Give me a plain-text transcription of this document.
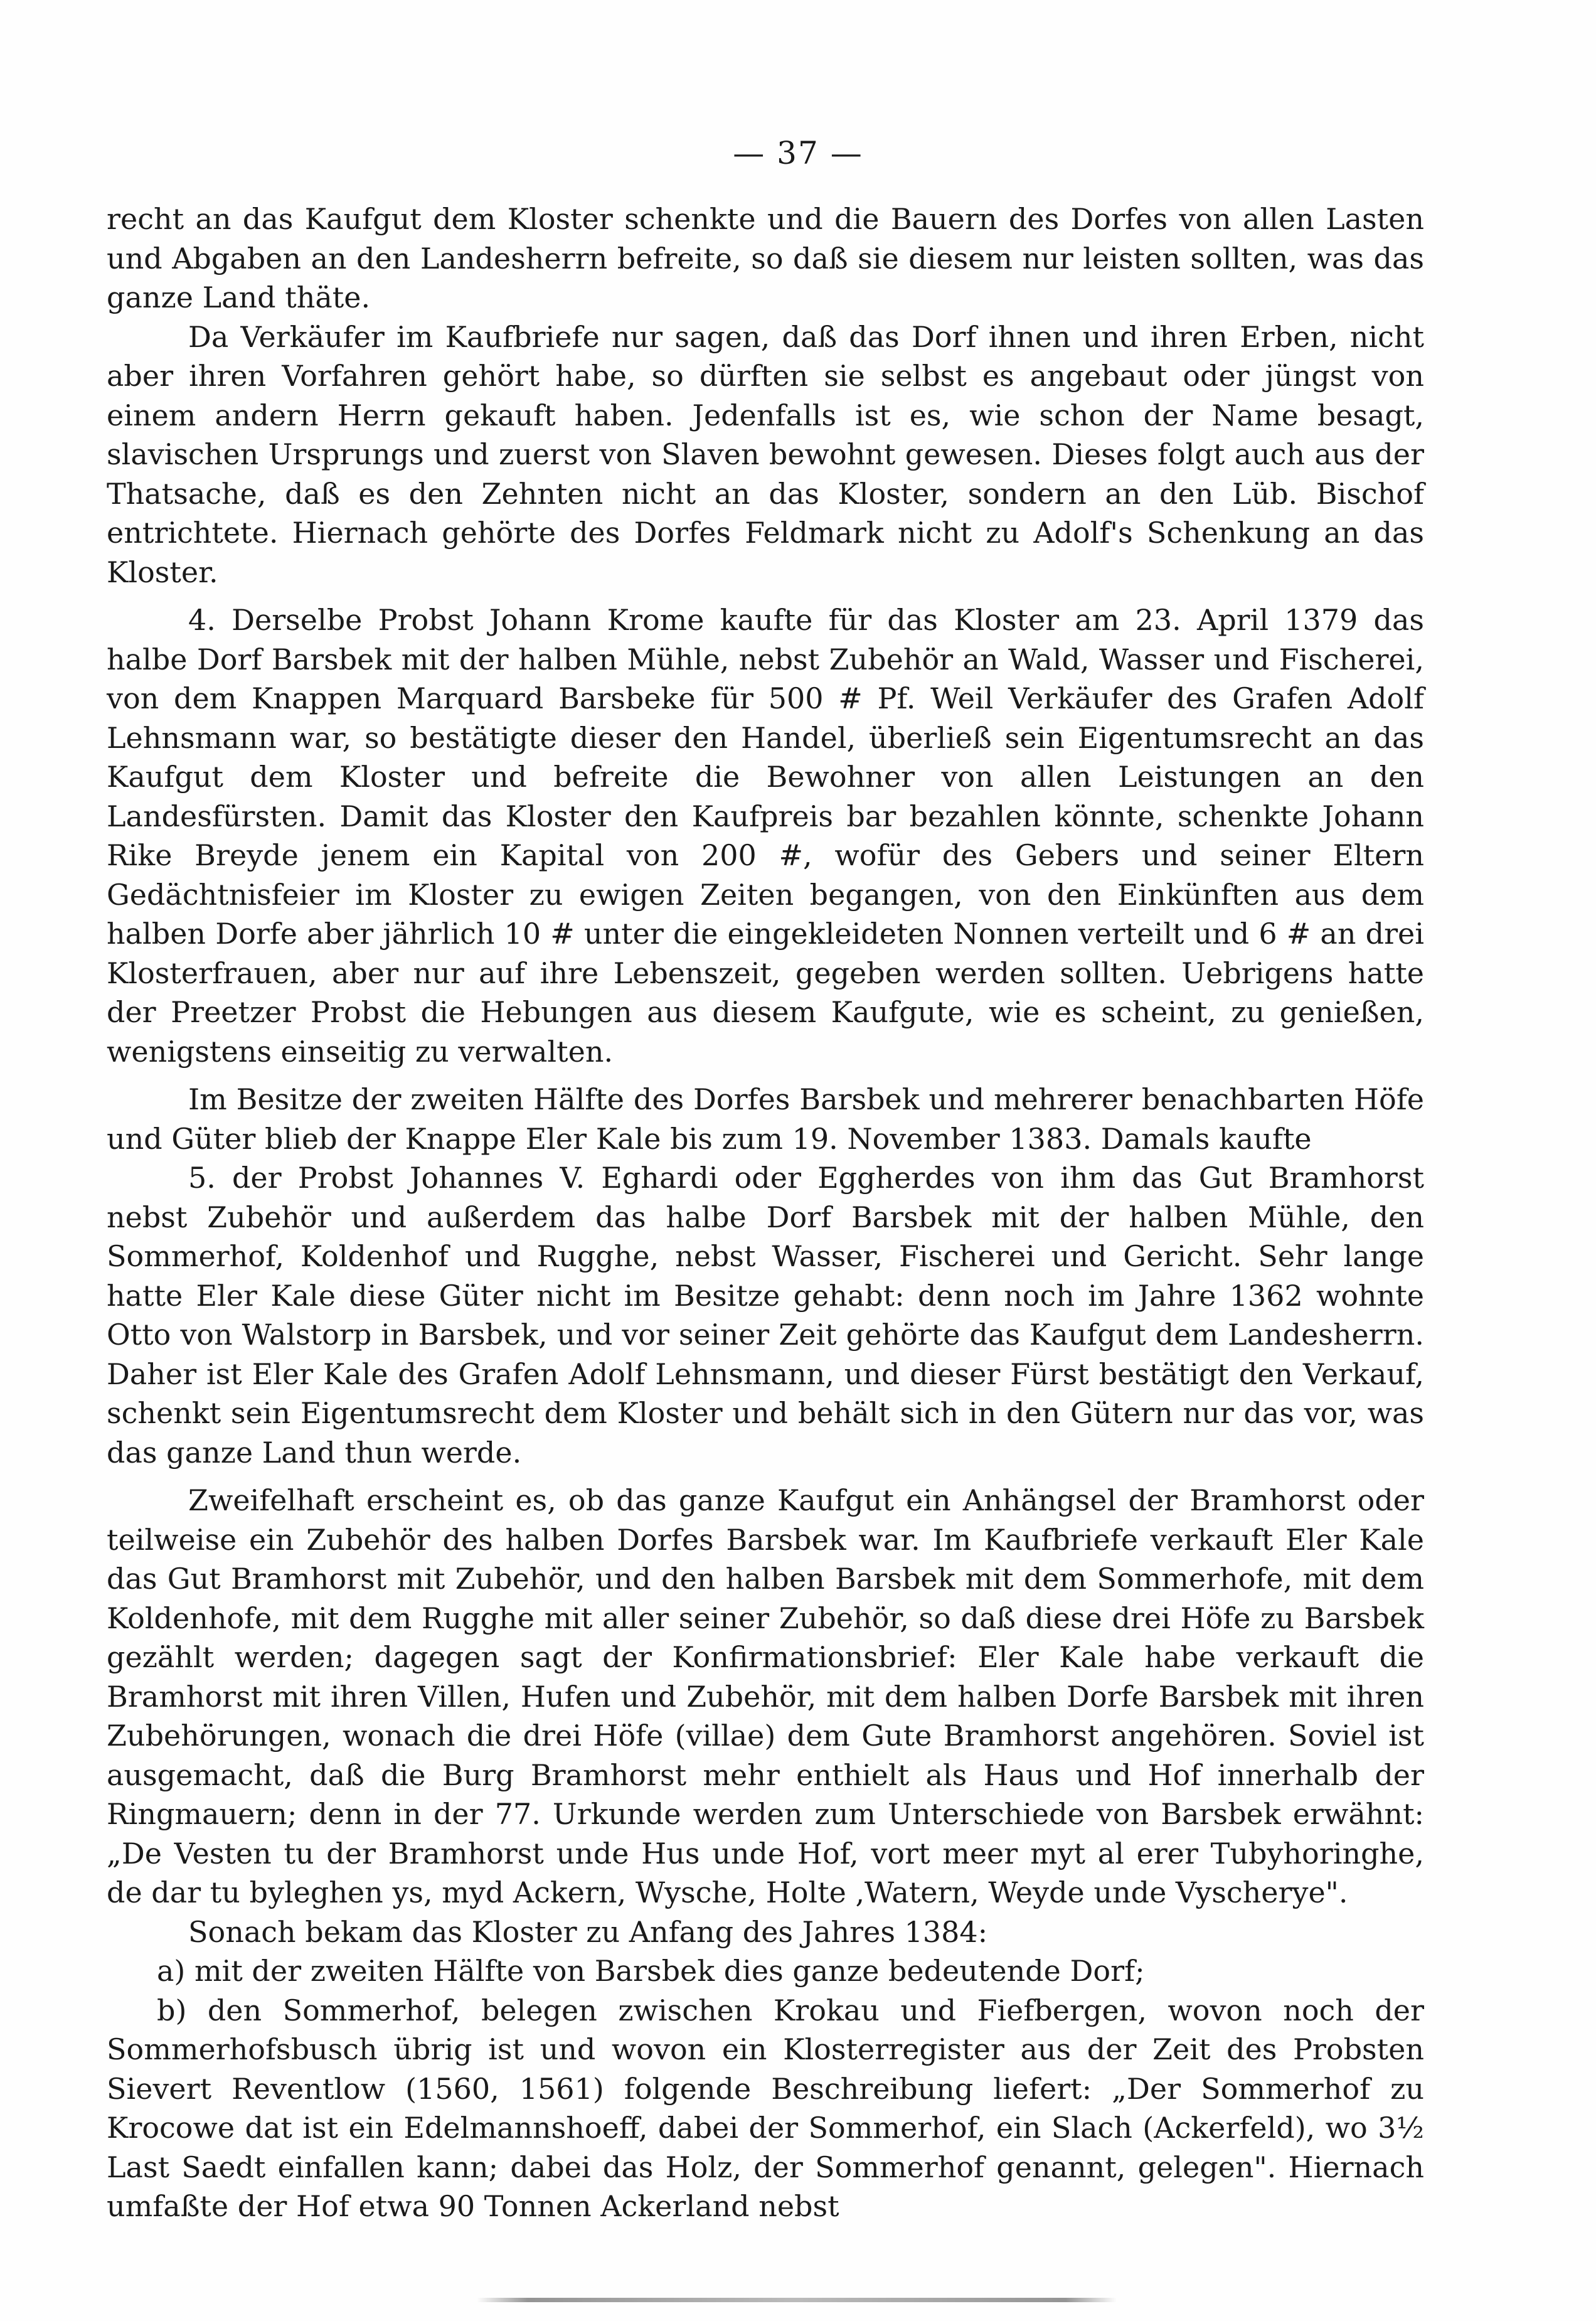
— 37 —

recht an das Kaufgut dem Kloster schenkte und die Bauern des Dorfes von allen Lasten und Abgaben an den Landesherrn befreite, so daß sie diesem nur leisten sollten, was das ganze Land thäte.

Da Verkäufer im Kaufbriefe nur sagen, daß das Dorf ihnen und ihren Erben, nicht aber ihren Vorfahren gehört habe, so dürften sie selbst es angebaut oder jüngst von einem andern Herrn gekauft haben. Jedenfalls ist es, wie schon der Name besagt, slavischen Ursprungs und zuerst von Slaven bewohnt gewesen. Dieses folgt auch aus der Thatsache, daß es den Zehnten nicht an das Kloster, sondern an den Lüb. Bischof entrichtete. Hiernach gehörte des Dorfes Feldmark nicht zu Adolf's Schenkung an das Kloster.

4. Derselbe Probst Johann Krome kaufte für das Kloster am 23. April 1379 das halbe Dorf Barsbek mit der halben Mühle, nebst Zubehör an Wald, Wasser und Fischerei, von dem Knappen Marquard Barsbeke für 500 # Pf. Weil Verkäufer des Grafen Adolf Lehnsmann war, so bestätigte dieser den Handel, überließ sein Eigentumsrecht an das Kaufgut dem Kloster und befreite die Bewohner von allen Leistungen an den Landesfürsten. Damit das Kloster den Kaufpreis bar bezahlen könnte, schenkte Johann Rike Breyde jenem ein Kapital von 200 #, wofür des Gebers und seiner Eltern Gedächtnisfeier im Kloster zu ewigen Zeiten begangen, von den Einkünften aus dem halben Dorfe aber jährlich 10 # unter die eingekleideten Nonnen verteilt und 6 # an drei Klosterfrauen, aber nur auf ihre Lebenszeit, gegeben werden sollten. Uebrigens hatte der Preetzer Probst die Hebungen aus diesem Kaufgute, wie es scheint, zu genießen, wenigstens einseitig zu verwalten.

Im Besitze der zweiten Hälfte des Dorfes Barsbek und mehrerer benachbarten Höfe und Güter blieb der Knappe Eler Kale bis zum 19. November 1383. Damals kaufte

5. der Probst Johannes V. Eghardi oder Eggherdes von ihm das Gut Bramhorst nebst Zubehör und außerdem das halbe Dorf Barsbek mit der halben Mühle, den Sommerhof, Koldenhof und Rugghe, nebst Wasser, Fischerei und Gericht. Sehr lange hatte Eler Kale diese Güter nicht im Besitze gehabt: denn noch im Jahre 1362 wohnte Otto von Walstorp in Barsbek, und vor seiner Zeit gehörte das Kaufgut dem Landesherrn. Daher ist Eler Kale des Grafen Adolf Lehnsmann, und dieser Fürst bestätigt den Verkauf, schenkt sein Eigentumsrecht dem Kloster und behält sich in den Gütern nur das vor, was das ganze Land thun werde.

Zweifelhaft erscheint es, ob das ganze Kaufgut ein Anhängsel der Bramhorst oder teilweise ein Zubehör des halben Dorfes Barsbek war. Im Kaufbriefe verkauft Eler Kale das Gut Bramhorst mit Zubehör, und den halben Barsbek mit dem Sommerhofe, mit dem Koldenhofe, mit dem Rugghe mit aller seiner Zubehör, so daß diese drei Höfe zu Barsbek gezählt werden; dagegen sagt der Konfirmationsbrief: Eler Kale habe verkauft die Bramhorst mit ihren Villen, Hufen und Zubehör, mit dem halben Dorfe Barsbek mit ihren Zubehörungen, wonach die drei Höfe (villae) dem Gute Bramhorst angehören. Soviel ist ausgemacht, daß die Burg Bramhorst mehr enthielt als Haus und Hof innerhalb der Ringmauern; denn in der 77. Urkunde werden zum Unterschiede von Barsbek erwähnt: „De Vesten tu der Bramhorst unde Hus unde Hof, vort meer myt al erer Tubyhoringhe, de dar tu byleghen ys, myd Ackern, Wysche, Holte ,Watern, Weyde unde Vyscherye".

Sonach bekam das Kloster zu Anfang des Jahres 1384:

a) mit der zweiten Hälfte von Barsbek dies ganze bedeutende Dorf;

b) den Sommerhof, belegen zwischen Krokau und Fiefbergen, wovon noch der Sommerhofsbusch übrig ist und wovon ein Klosterregister aus der Zeit des Probsten Sievert Reventlow (1560, 1561) folgende Beschreibung liefert: „Der Sommerhof zu Krocowe dat ist ein Edelmannshoeff, dabei der Sommerhof, ein Slach (Ackerfeld), wo 3½ Last Saedt einfallen kann; dabei das Holz, der Sommerhof genannt, gelegen". Hiernach umfaßte der Hof etwa 90 Tonnen Ackerland nebst
